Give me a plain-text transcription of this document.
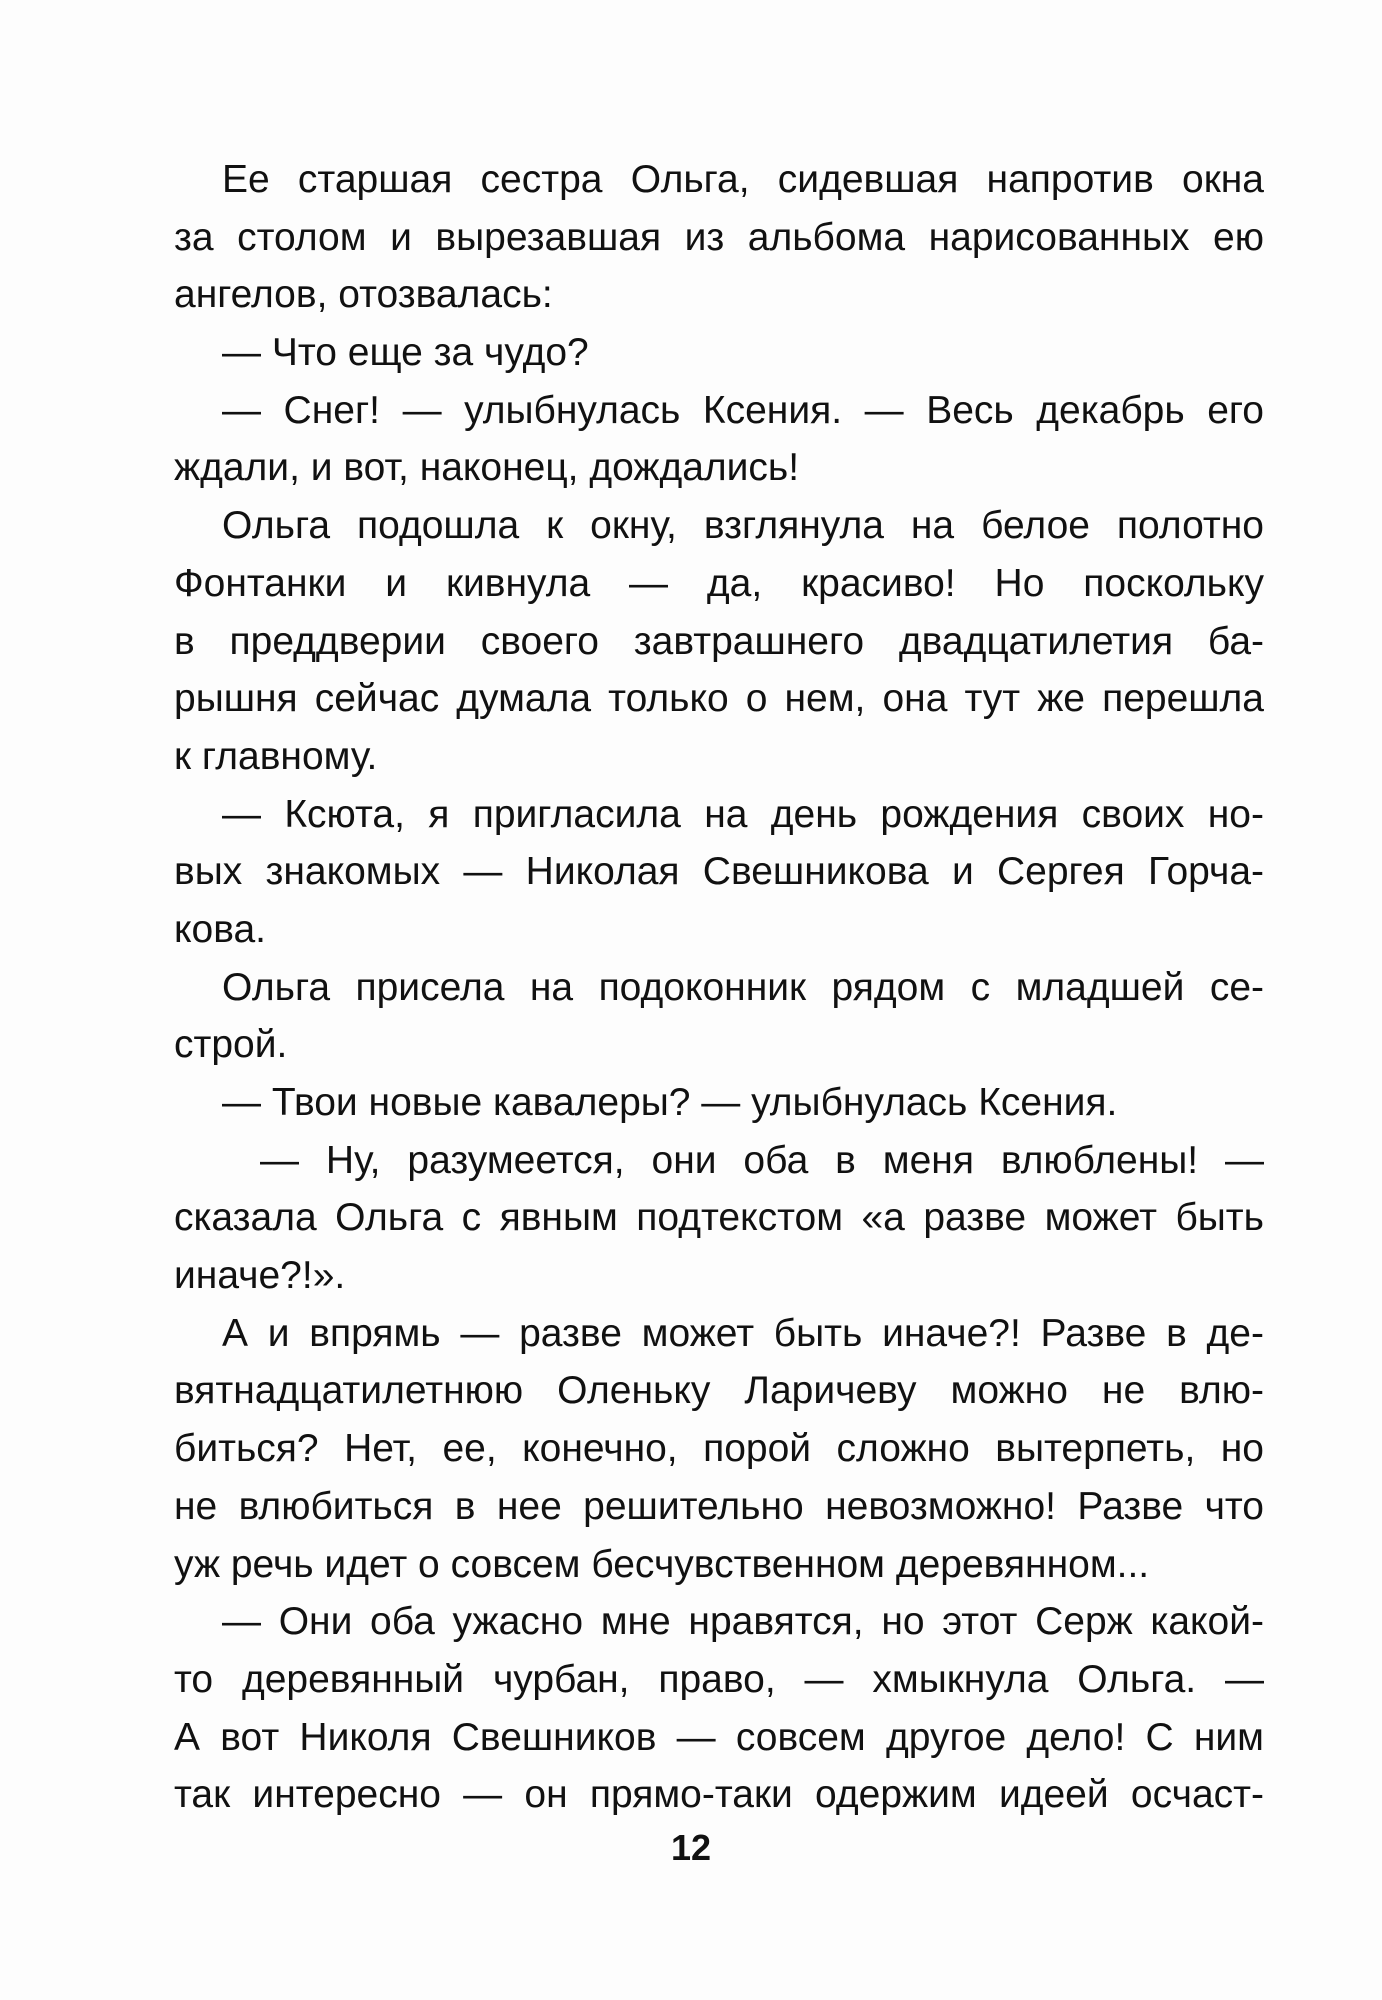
Ее старшая сестра Ольга, сидевшая напротив окна
за столом и вырезавшая из альбома нарисованных ею
ангелов, отозвалась:
— Что еще за чудо?
— Снег! — улыбнулась Ксения. — Весь декабрь его
ждали, и вот, наконец, дождались!
Ольга подошла к окну, взглянула на белое полотно
Фонтанки и кивнула — да, красиво! Но поскольку
в преддверии своего завтрашнего двадцатилетия ба-
рышня сейчас думала только о нем, она тут же перешла
к главному.
— Ксюта, я пригласила на день рождения своих но-
вых знакомых — Николая Свешникова и Сергея Горча-
кова.
Ольга присела на подоконник рядом с младшей се-
строй.
— Твои новые кавалеры? — улыбнулась Ксения.
— Ну, разумеется, они оба в меня влюблены! —
сказала Ольга с явным подтекстом «а разве может быть
иначе?!».
А и впрямь — разве может быть иначе?! Разве в де-
вятнадцатилетнюю Оленьку Ларичеву можно не влю-
биться? Нет, ее, конечно, порой сложно вытерпеть, но
не влюбиться в нее решительно невозможно! Разве что
уж речь идет о совсем бесчувственном деревянном...
— Они оба ужасно мне нравятся, но этот Серж какой-
то деревянный чурбан, право, — хмыкнула Ольга. —
А вот Николя Свешников — совсем другое дело! С ним
так интересно — он прямо-таки одержим идеей осчаст-
12
